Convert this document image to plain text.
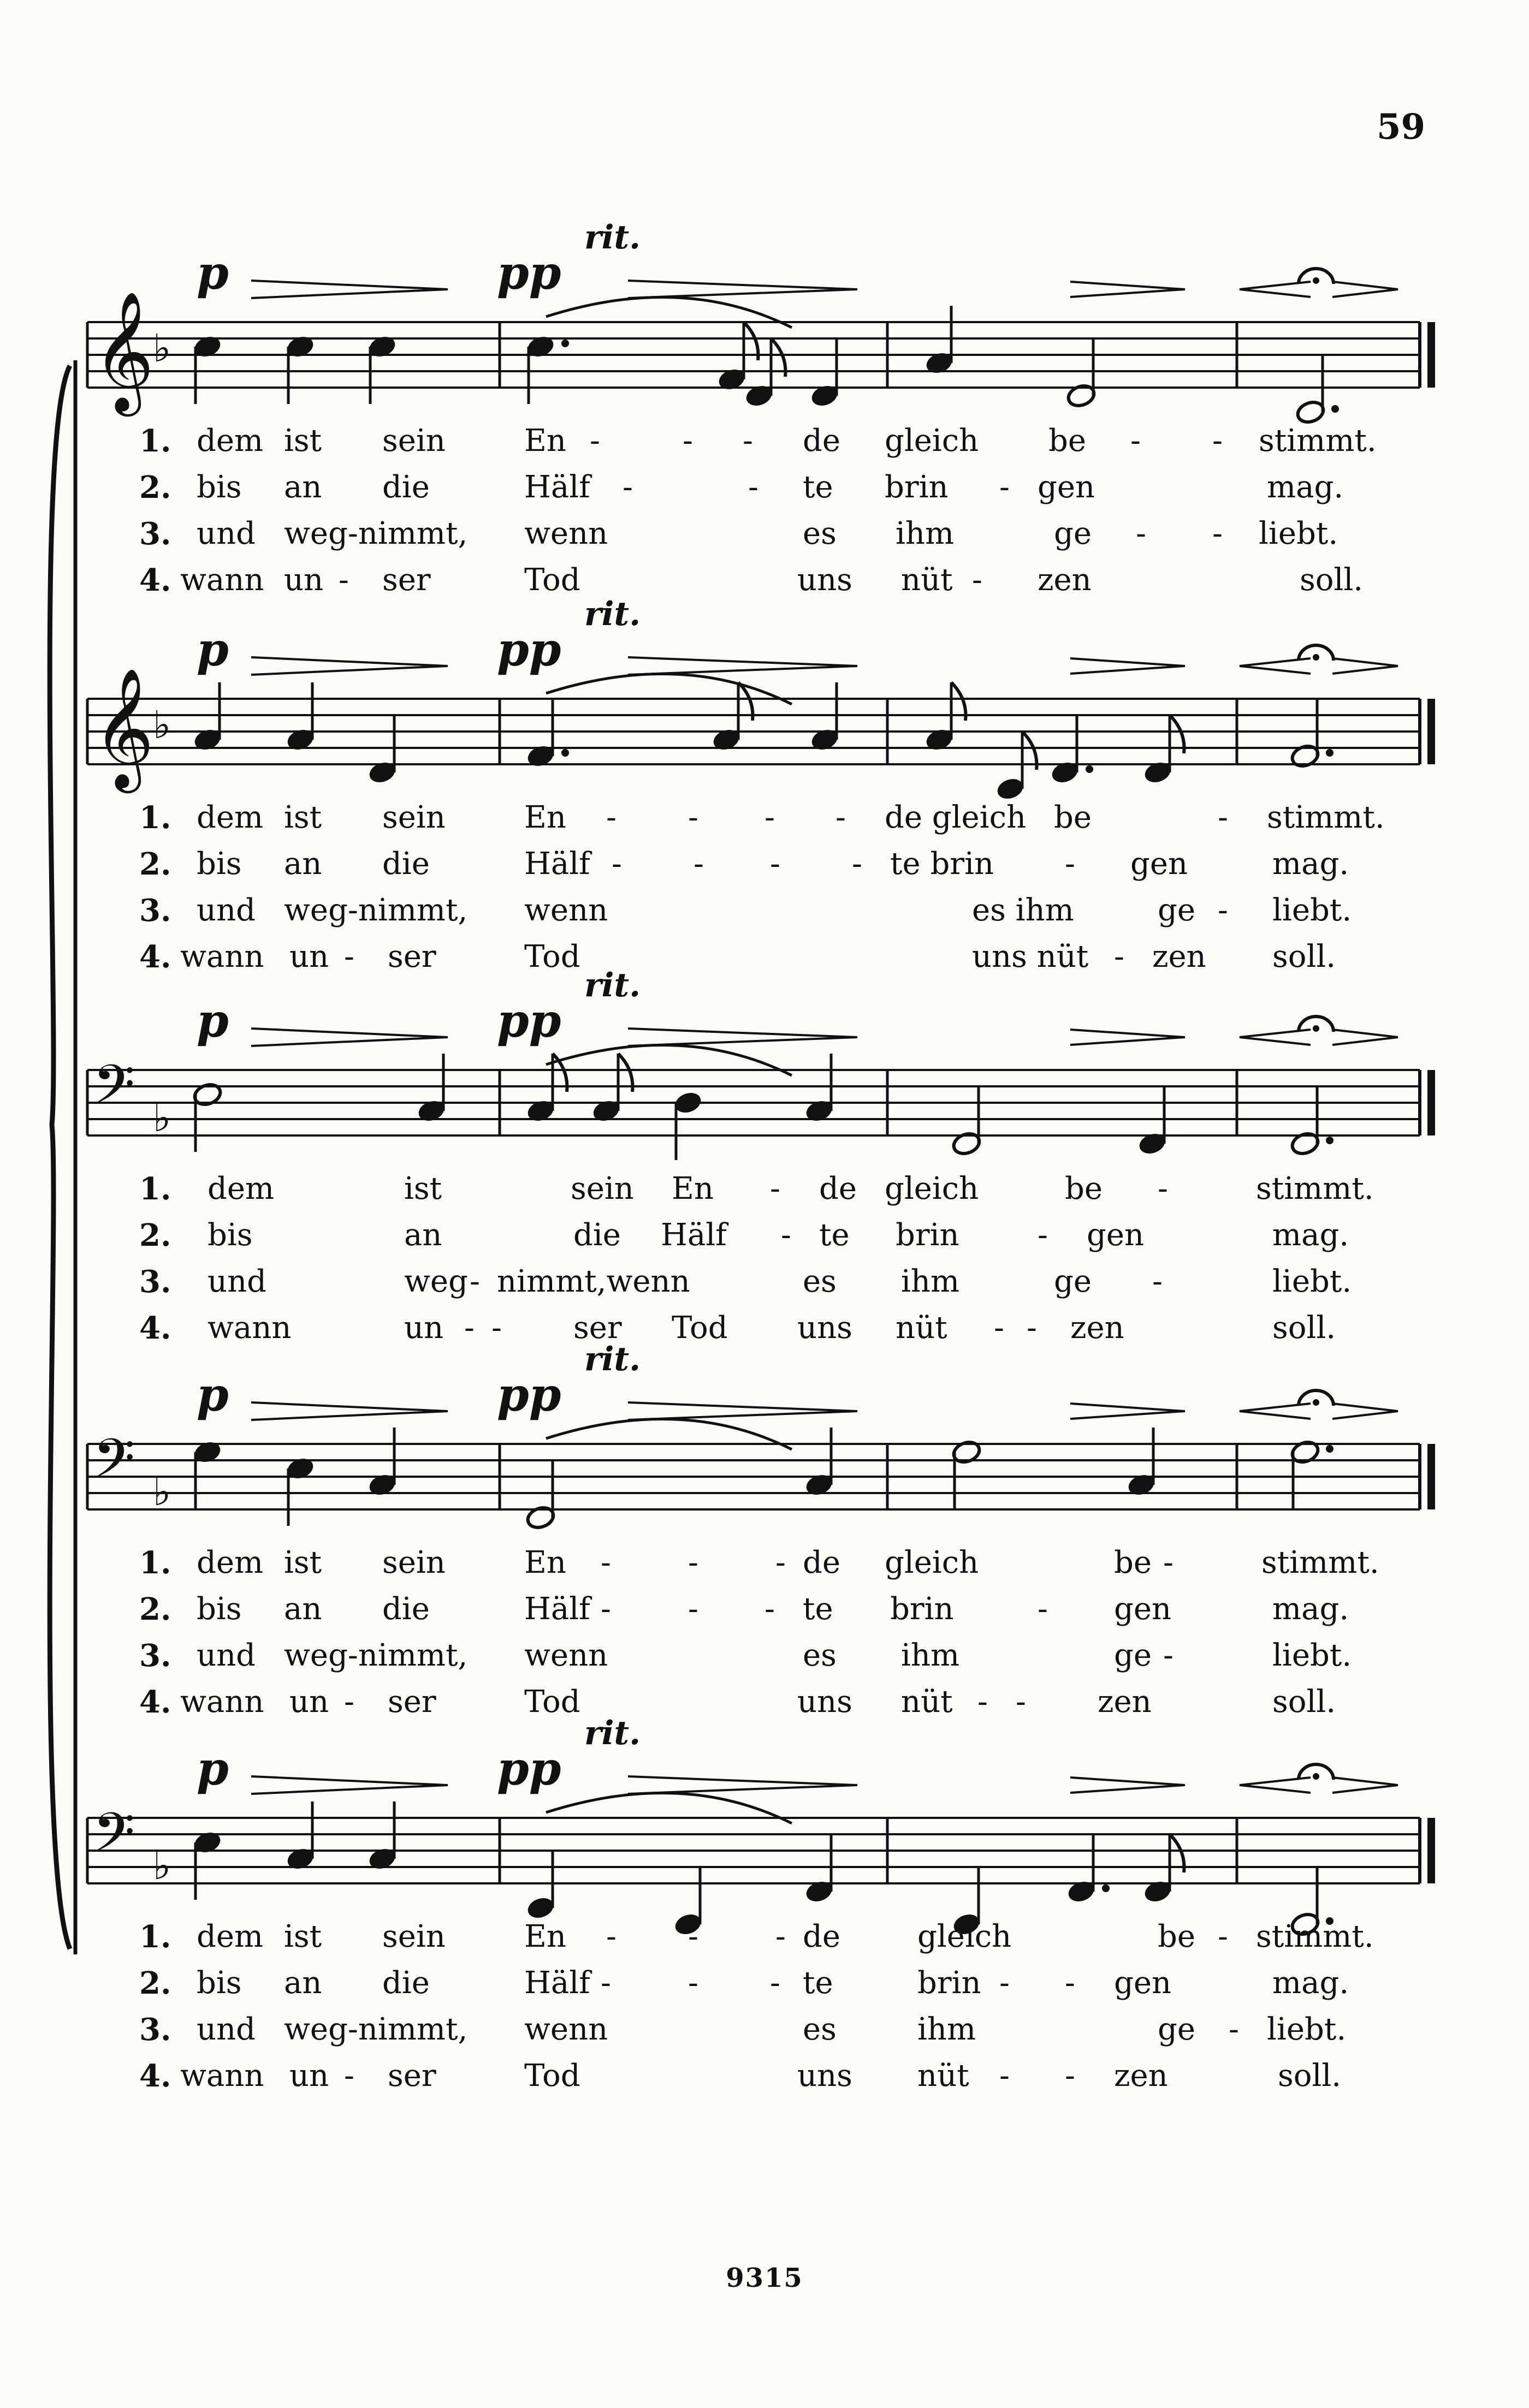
59
𝄞
♭
p	pp
rit.
1. dem ist sein	En -	- - de gleich be - - stimmt.
2. bis an die	Hälf -	- te brin - gen	mag.
3. und weg-nimmt, wenn	es ihm	ge - - liebt.
4. wann un - ser	Tod	uns nüt - zen	soll.
𝄞
♭
p	pp
rit.
1. dem ist sein	En - - - - de gleich be	- stimmt.
2. bis an die	Hälf - - - - te brin - gen	mag.
3. und weg-nimmt, wenn	es ihm	ge - liebt.
4. wann un - ser	Tod	uns nüt - zen soll.
𝄢 ♭
p	pp
rit.
1. dem	ist	sein En - de gleich	be -	stimmt.
2. bis	an	die Hälf - te brin	- gen	mag.
3. und	weg - nimmt,wenn	es ihm	ge -	liebt.
4. wann	un - - ser Tod uns nüt - - zen	soll.
𝄢 ♭
p	pp
rit.
1. dem ist sein	En -	-	- de gleich	be -	stimmt.
2. bis an die	Hälf -	- - te brin	- gen	mag.
3. und weg-nimmt, wenn	es ihm	ge -	liebt.
4. wann un - ser	Tod	uns nüt - - zen	soll.
𝄢 ♭
p	pp
rit.
1. dem ist sein	En - -	- de	gleich	be - stimmt.
2. bis an die	Hälf -	- - te	brin - - gen	mag.
3. und weg-nimmt, wenn	es	ihm	ge - liebt.
4. wann un - ser	Tod	uns nüt - - zen	soll.
9315
